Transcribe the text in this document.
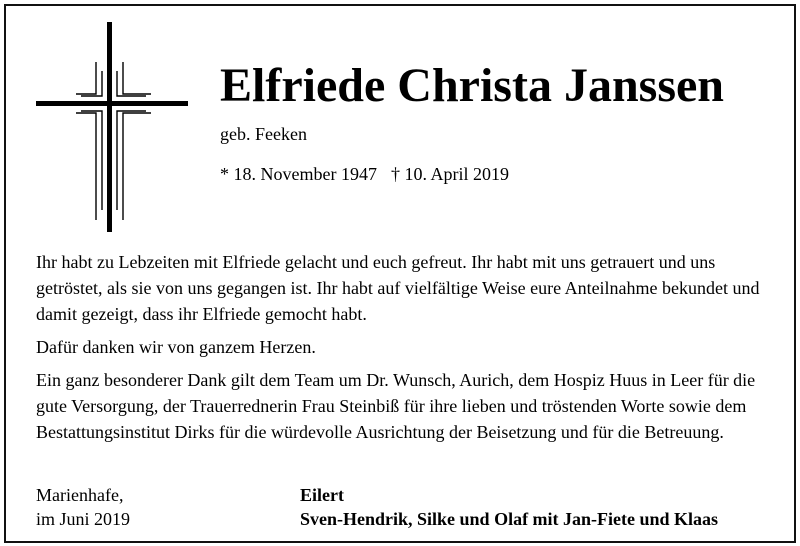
Elfriede Christa Janssen
geb. Feeken
* 18. November 1947 † 10. April 2019

Ihr habt zu Lebzeiten mit Elfriede gelacht und euch gefreut. Ihr habt mit uns getrauert und uns getröstet, als sie von uns gegangen ist. Ihr habt auf vielfältige Weise eure Anteilnahme bekundet und damit gezeigt, dass ihr Elfriede gemocht habt.

Dafür danken wir von ganzem Herzen.

Ein ganz besonderer Dank gilt dem Team um Dr. Wunsch, Aurich, dem Hospiz Huus in Leer für die gute Versorgung, der Trauerrednerin Frau Steinbiß für ihre lieben und tröstenden Worte sowie dem Bestattungsinstitut Dirks für die würdevolle Ausrichtung der Beisetzung und für die Betreuung.

Marienhafe,
im Juni 2019
Eilert
Sven-Hendrik, Silke und Olaf mit Jan-Fiete und Klaas
